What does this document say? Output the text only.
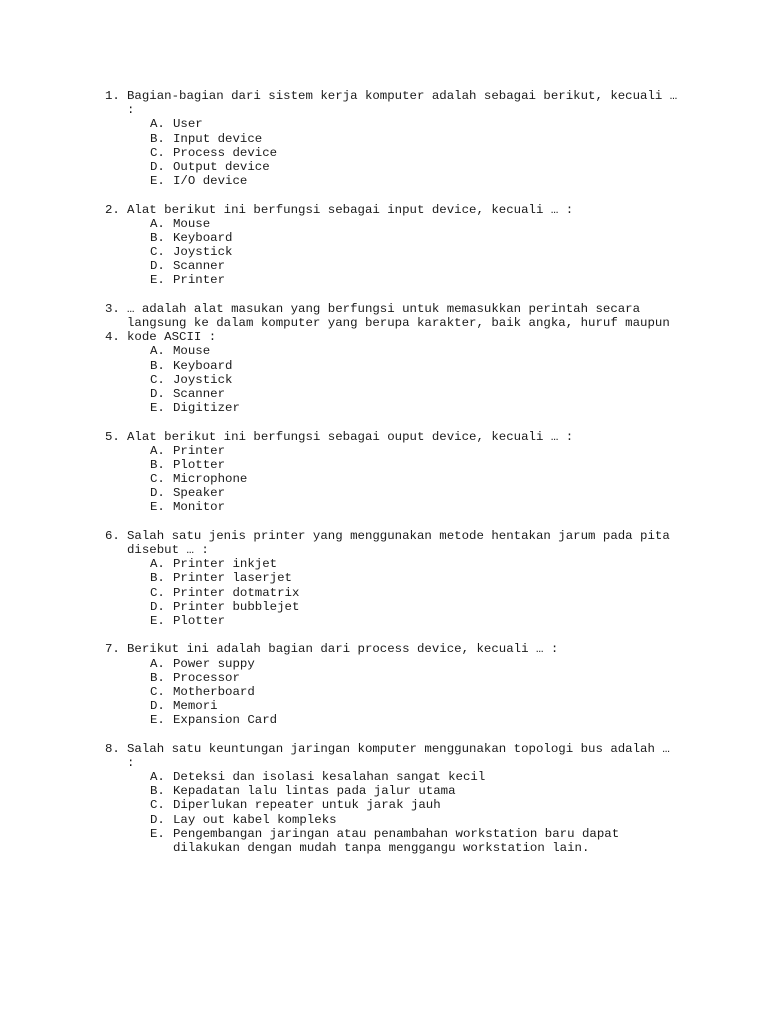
1.

Bagian-bagian dari sistem kerja komputer adalah sebagai berikut, kecuali …

:

A.

User

B.

Input device

C.

Process device

D.

Output device

E.

I/O device

2.

Alat berikut ini berfungsi sebagai input device, kecuali … :

A.

Mouse

B.

Keyboard

C.

Joystick

D.

Scanner

E.

Printer

3.

… adalah alat masukan yang berfungsi untuk memasukkan perintah secara

langsung ke dalam komputer yang berupa karakter, baik angka, huruf maupun

4.

kode ASCII :

A.

Mouse

B.

Keyboard

C.

Joystick

D.

Scanner

E.

Digitizer

5.

Alat berikut ini berfungsi sebagai ouput device, kecuali … :

A.

Printer

B.

Plotter

C.

Microphone

D.

Speaker

E.

Monitor

6.

Salah satu jenis printer yang menggunakan metode hentakan jarum pada pita

disebut … :

A.

Printer inkjet

B.

Printer laserjet

C.

Printer dotmatrix

D.

Printer bubblejet

E.

Plotter

7.

Berikut ini adalah bagian dari process device, kecuali … :

A.

Power suppy

B.

Processor

C.

Motherboard

D.

Memori

E.

Expansion Card

8.

Salah satu keuntungan jaringan komputer menggunakan topologi bus adalah …

:

A.

Deteksi dan isolasi kesalahan sangat kecil

B.

Kepadatan lalu lintas pada jalur utama

C.

Diperlukan repeater untuk jarak jauh

D.

Lay out kabel kompleks

E.

Pengembangan jaringan atau penambahan workstation baru dapat

dilakukan dengan mudah tanpa menggangu workstation lain.
